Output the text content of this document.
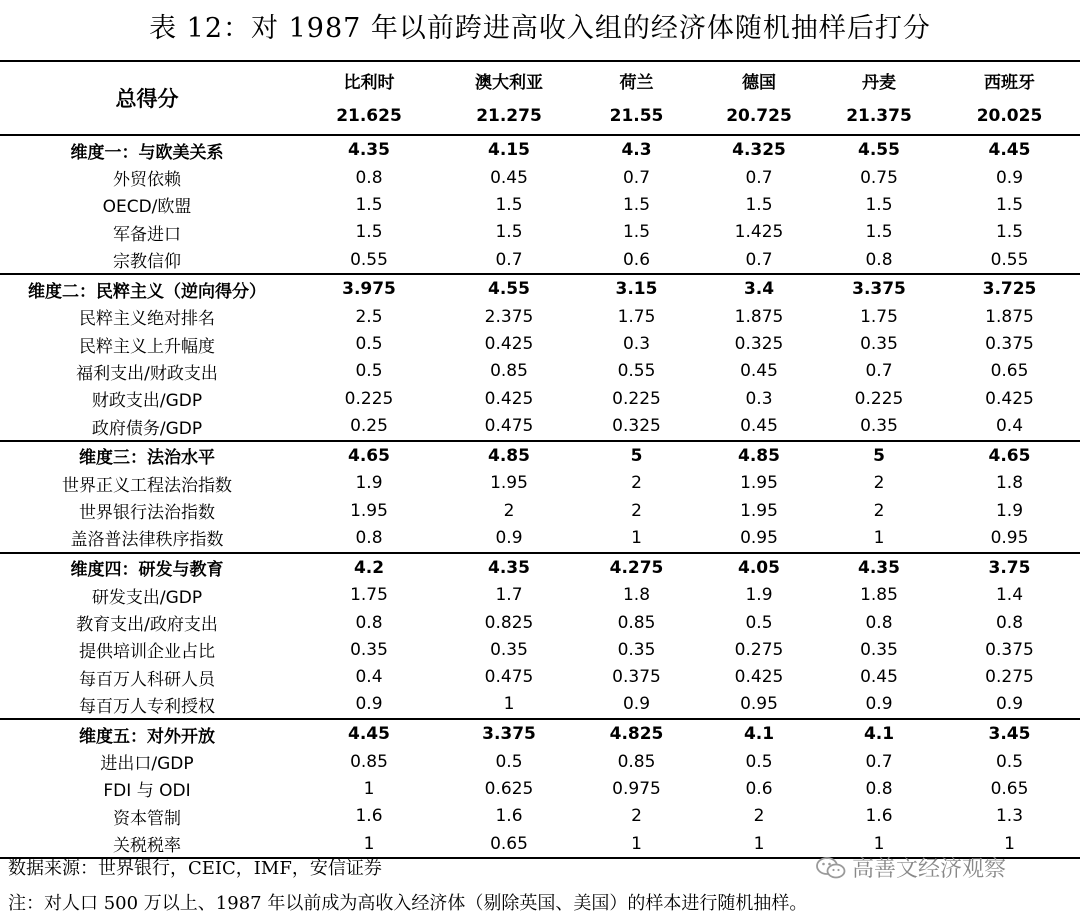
表 12：对 1987 年以前跨进高收入组的经济体随机抽样后打分
总得分	比利时	澳大利亚	荷兰	德国	丹麦	西班牙
	21.625	21.275	21.55	20.725	21.375	20.025
维度一：与欧美关系	4.35	4.15	4.3	4.325	4.55	4.45
外贸依赖	0.8	0.45	0.7	0.7	0.75	0.9
OECD/欧盟	1.5	1.5	1.5	1.5	1.5	1.5
军备进口	1.5	1.5	1.5	1.425	1.5	1.5
宗教信仰	0.55	0.7	0.6	0.7	0.8	0.55
维度二：民粹主义（逆向得分）	3.975	4.55	3.15	3.4	3.375	3.725
民粹主义绝对排名	2.5	2.375	1.75	1.875	1.75	1.875
民粹主义上升幅度	0.5	0.425	0.3	0.325	0.35	0.375
福利支出/财政支出	0.5	0.85	0.55	0.45	0.7	0.65
财政支出/GDP	0.225	0.425	0.225	0.3	0.225	0.425
政府债务/GDP	0.25	0.475	0.325	0.45	0.35	0.4
维度三：法治水平	4.65	4.85	5	4.85	5	4.65
世界正义工程法治指数	1.9	1.95	2	1.95	2	1.8
世界银行法治指数	1.95	2	2	1.95	2	1.9
盖洛普法律秩序指数	0.8	0.9	1	0.95	1	0.95
维度四：研发与教育	4.2	4.35	4.275	4.05	4.35	3.75
研发支出/GDP	1.75	1.7	1.8	1.9	1.85	1.4
教育支出/政府支出	0.8	0.825	0.85	0.5	0.8	0.8
提供培训企业占比	0.35	0.35	0.35	0.275	0.35	0.375
每百万人科研人员	0.4	0.475	0.375	0.425	0.45	0.275
每百万人专利授权	0.9	1	0.9	0.95	0.9	0.9
维度五：对外开放	4.45	3.375	4.825	4.1	4.1	3.45
进出口/GDP	0.85	0.5	0.85	0.5	0.7	0.5
FDI 与 ODI	1	0.625	0.975	0.6	0.8	0.65
资本管制	1.6	1.6	2	2	1.6	1.3
关税税率	1	0.65	1	1	1	1
数据来源：世界银行，CEIC，IMF，安信证券	高善文经济观察
注：对人口 500 万以上、1987 年以前成为高收入经济体（剔除英国、美国）的样本进行随机抽样。
